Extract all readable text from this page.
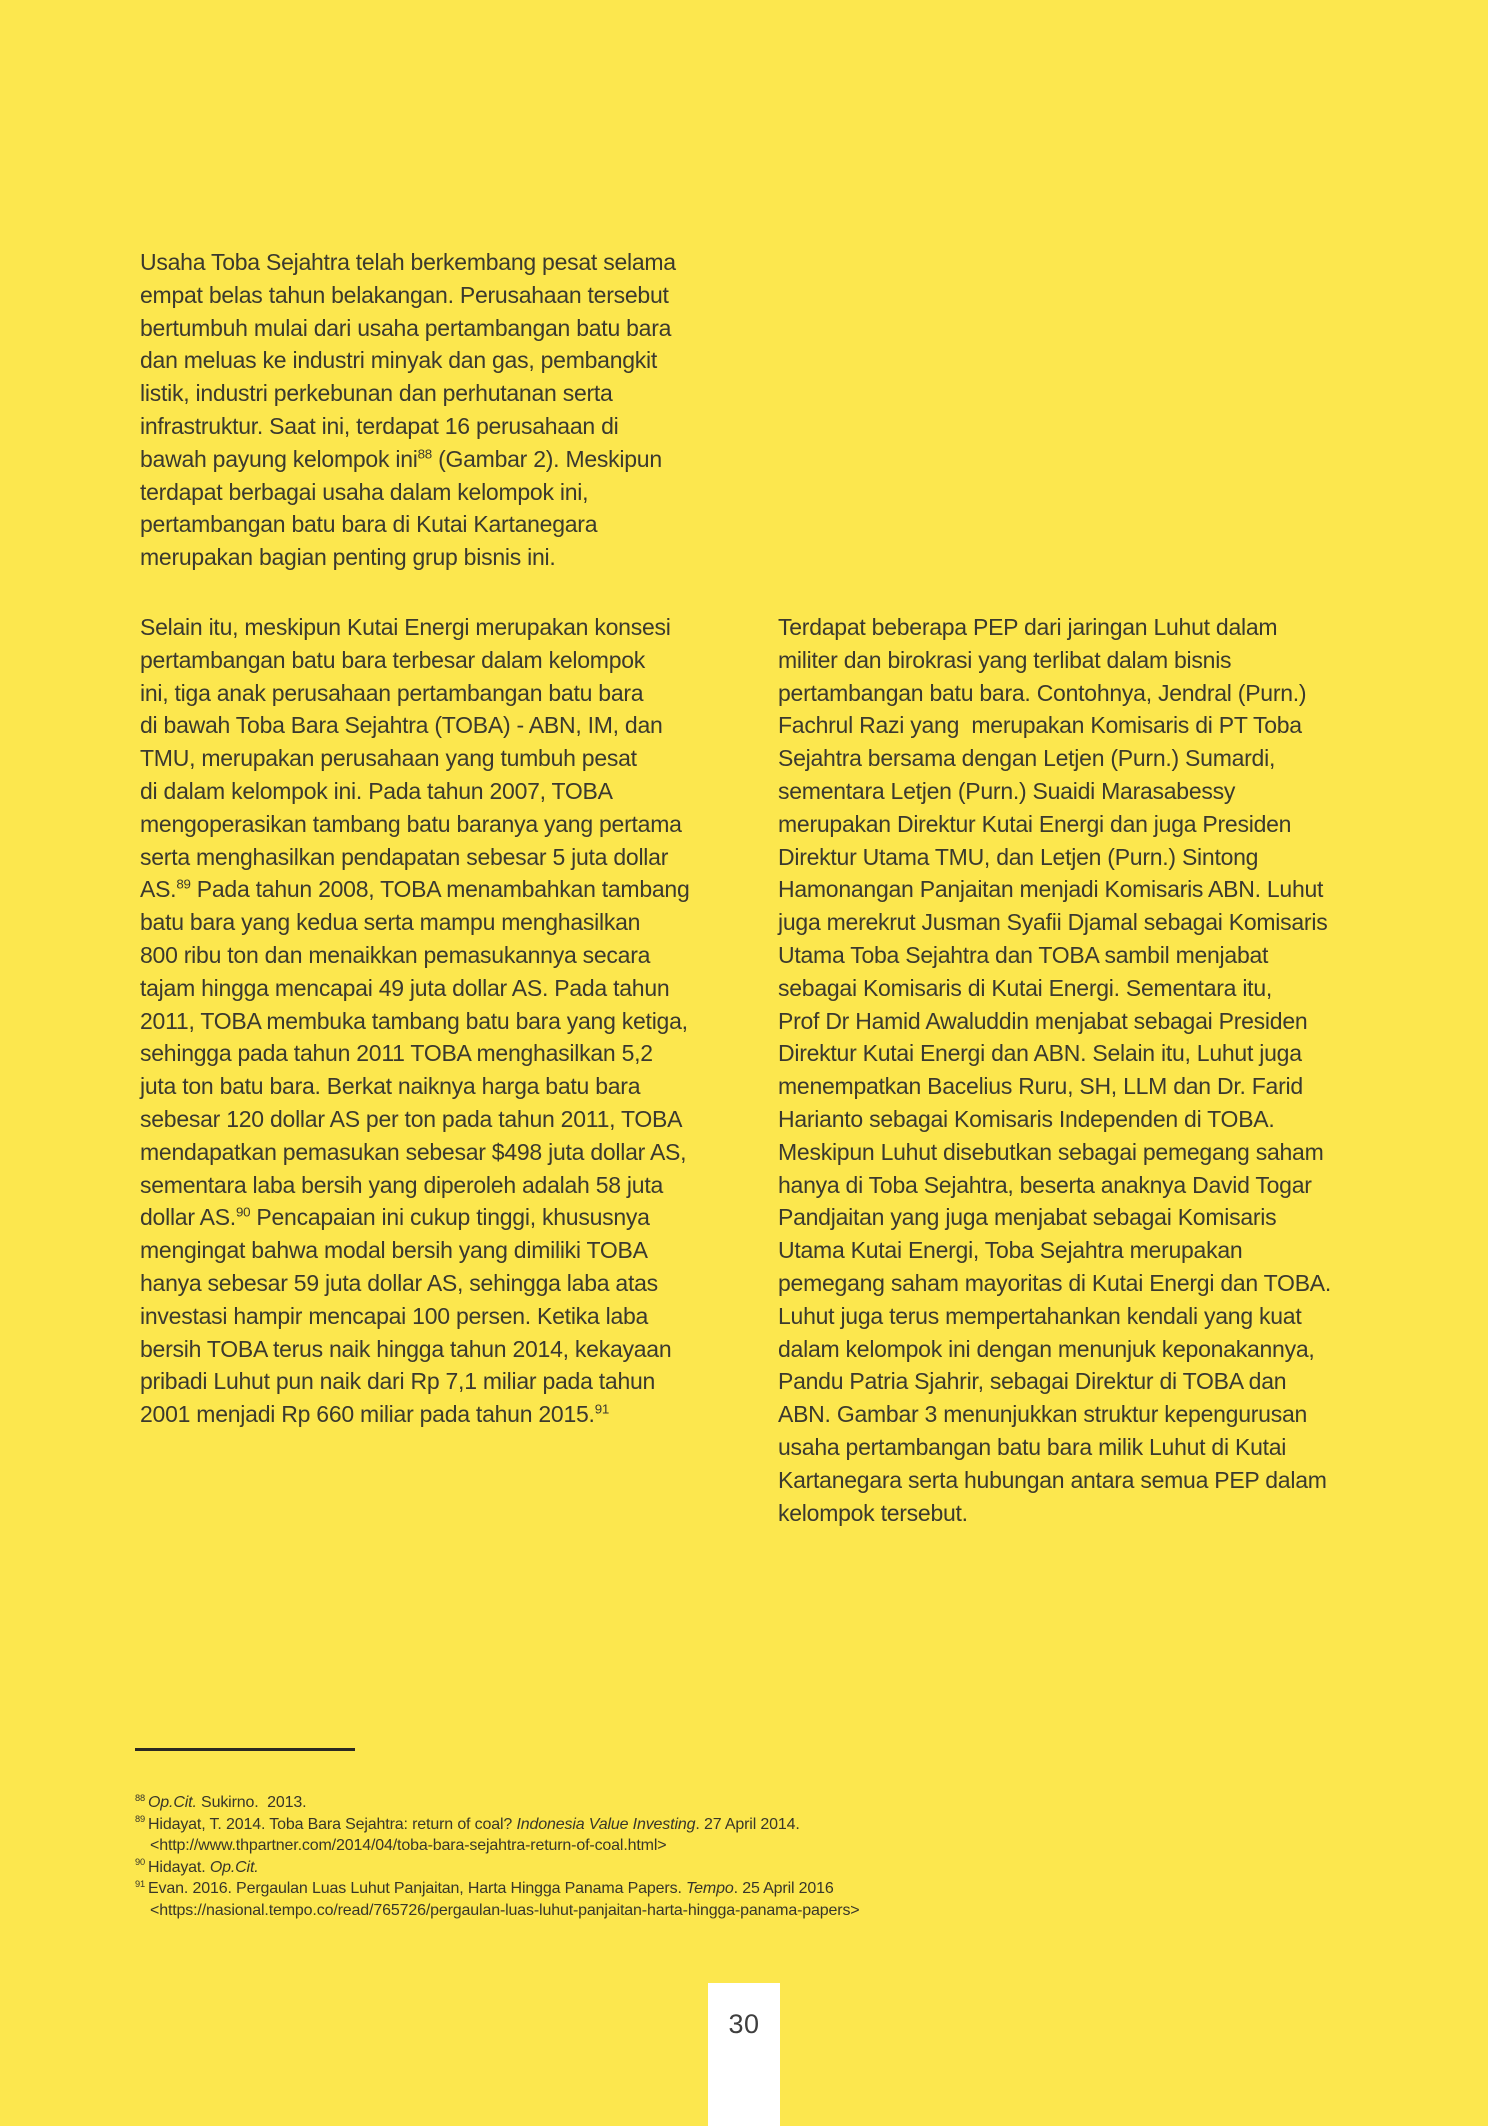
Usaha Toba Sejahtra telah berkembang pesat selama
empat belas tahun belakangan. Perusahaan tersebut
bertumbuh mulai dari usaha pertambangan batu bara
dan meluas ke industri minyak dan gas, pembangkit
listik, industri perkebunan dan perhutanan serta
infrastruktur. Saat ini, terdapat 16 perusahaan di
bawah payung kelompok ini$^{88}$ (Gambar 2). Meskipun
terdapat berbagai usaha dalam kelompok ini,
pertambangan batu bara di Kutai Kartanegara
merupakan bagian penting grup bisnis ini.
Selain itu, meskipun Kutai Energi merupakan konsesi
pertambangan batu bara terbesar dalam kelompok
ini, tiga anak perusahaan pertambangan batu bara
di bawah Toba Bara Sejahtra (TOBA) - ABN, IM, dan
TMU, merupakan perusahaan yang tumbuh pesat
di dalam kelompok ini. Pada tahun 2007, TOBA
mengoperasikan tambang batu baranya yang pertama
serta menghasilkan pendapatan sebesar 5 juta dollar
AS.$^{89}$ Pada tahun 2008, TOBA menambahkan tambang
batu bara yang kedua serta mampu menghasilkan
800 ribu ton dan menaikkan pemasukannya secara
tajam hingga mencapai 49 juta dollar AS. Pada tahun
2011, TOBA membuka tambang batu bara yang ketiga,
sehingga pada tahun 2011 TOBA menghasilkan 5,2
juta ton batu bara. Berkat naiknya harga batu bara
sebesar 120 dollar AS per ton pada tahun 2011, TOBA
mendapatkan pemasukan sebesar $498 juta dollar AS,
sementara laba bersih yang diperoleh adalah 58 juta
dollar AS.$^{90}$ Pencapaian ini cukup tinggi, khususnya
mengingat bahwa modal bersih yang dimiliki TOBA
hanya sebesar 59 juta dollar AS, sehingga laba atas
investasi hampir mencapai 100 persen. Ketika laba
bersih TOBA terus naik hingga tahun 2014, kekayaan
pribadi Luhut pun naik dari Rp 7,1 miliar pada tahun
2001 menjadi Rp 660 miliar pada tahun 2015.91
Terdapat beberapa PEP dari jaringan Luhut dalam
militer dan birokrasi yang terlibat dalam bisnis
pertambangan batu bara. Contohnya, Jendral (Purn.)
Fachrul Razi yang  merupakan Komisaris di PT Toba
Sejahtra bersama dengan Letjen (Purn.) Sumardi,
sementara Letjen (Purn.) Suaidi Marasabessy
merupakan Direktur Kutai Energi dan juga Presiden
Direktur Utama TMU, dan Letjen (Purn.) Sintong
Hamonangan Panjaitan menjadi Komisaris ABN. Luhut
juga merekrut Jusman Syafii Djamal sebagai Komisaris
Utama Toba Sejahtra dan TOBA sambil menjabat
sebagai Komisaris di Kutai Energi. Sementara itu,
Prof Dr Hamid Awaluddin menjabat sebagai Presiden
Direktur Kutai Energi dan ABN. Selain itu, Luhut juga
menempatkan Bacelius Ruru, SH, LLM dan Dr. Farid
Harianto sebagai Komisaris Independen di TOBA.
Meskipun Luhut disebutkan sebagai pemegang saham
hanya di Toba Sejahtra, beserta anaknya David Togar
Pandjaitan yang juga menjabat sebagai Komisaris
Utama Kutai Energi, Toba Sejahtra merupakan
pemegang saham mayoritas di Kutai Energi dan TOBA.
Luhut juga terus mempertahankan kendali yang kuat
dalam kelompok ini dengan menunjuk keponakannya,
Pandu Patria Sjahrir, sebagai Direktur di TOBA dan
ABN. Gambar 3 menunjukkan struktur kepengurusan
usaha pertambangan batu bara milik Luhut di Kutai
Kartanegara serta hubungan antara semua PEP dalam
kelompok tersebut.
$^{88}$ Op.Cit. Sukirno.  2013.
$^{89}$ Hidayat, T. 2014. Toba Bara Sejahtra: return of coal? Indonesia Value Investing. 27 April 2014.
<http://www.thpartner.com/2014/04/toba-bara-sejahtra-return-of-coal.html>
$^{90}$ Hidayat. Op.Cit.
$^{91}$ Evan. 2016. Pergaulan Luas Luhut Panjaitan, Harta Hingga Panama Papers. Tempo. 25 April 2016
<https://nasional.tempo.co/read/765726/pergaulan-luas-luhut-panjaitan-harta-hingga-panama-papers>
30
